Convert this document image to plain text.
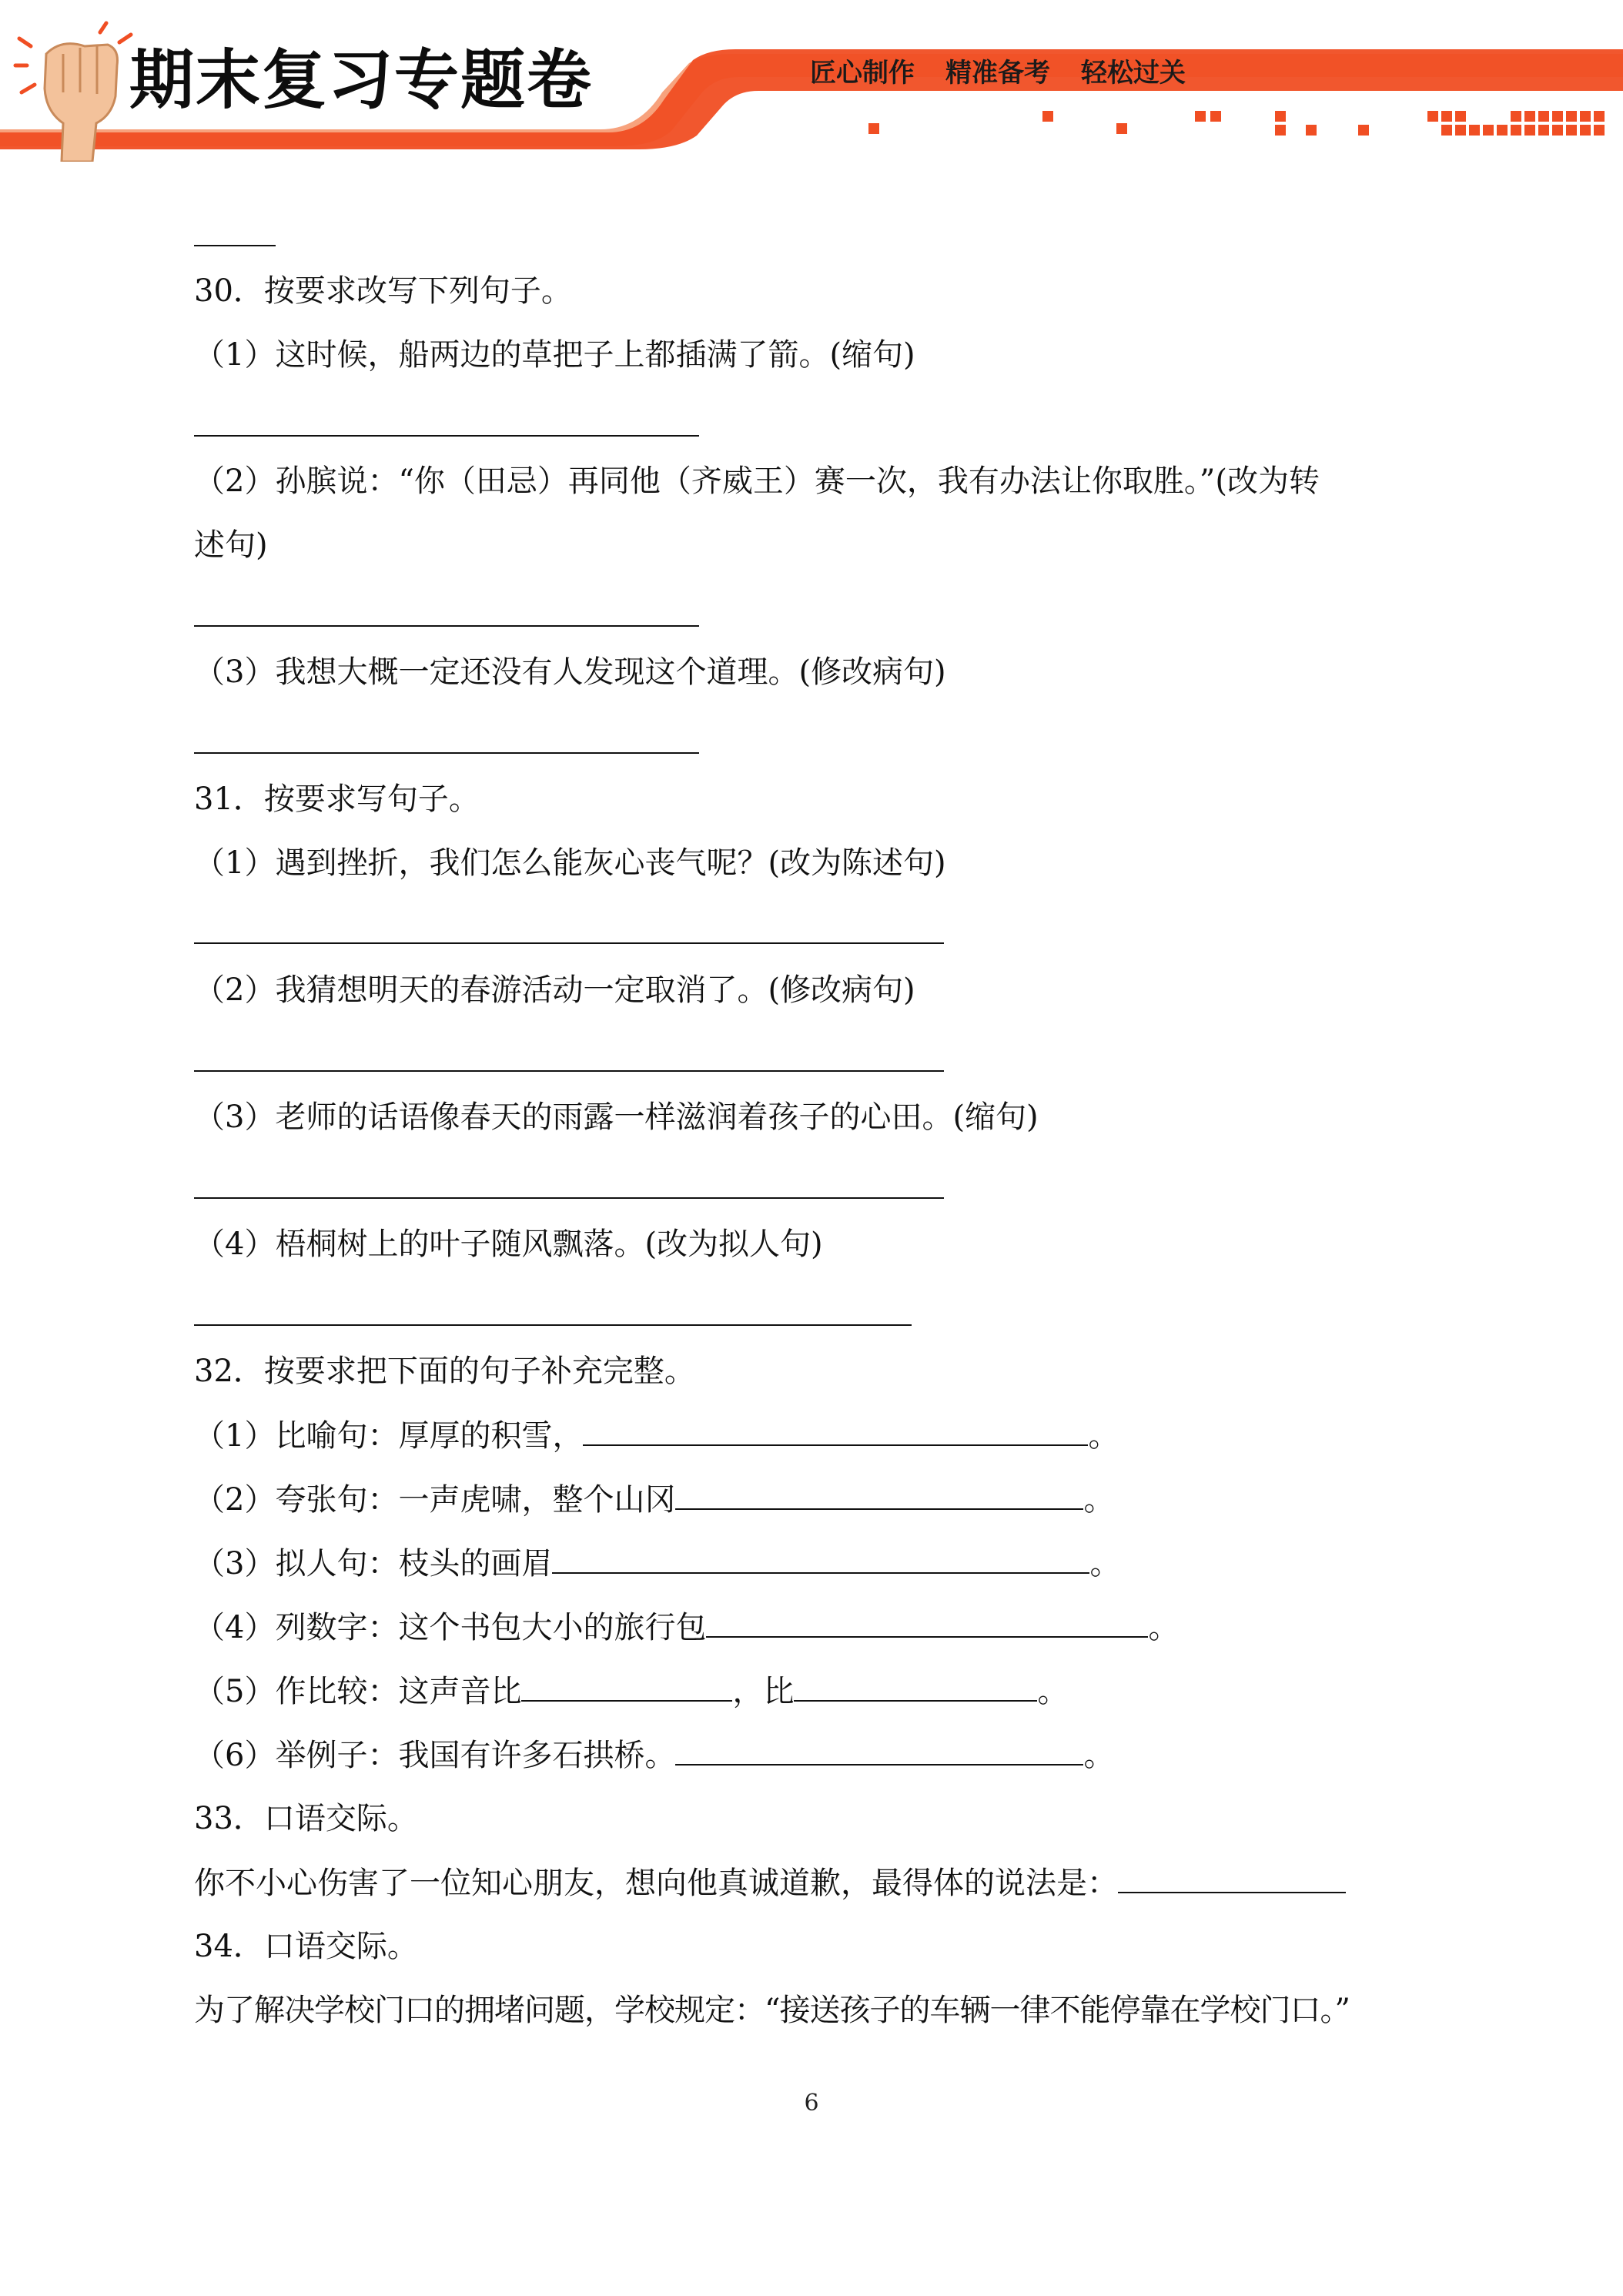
期末复习专题卷	匠心制作 精准备考 轻松过关
30．按要求改写下列句子。
（1）这时候，船两边的草把子上都插满了箭。(缩句)
（2）孙膑说：“你（田忌）再同他（齐威王）赛一次，我有办法让你取胜。”(改为转
述句)
（3）我想大概一定还没有人发现这个道理。(修改病句)
31．按要求写句子。
（1）遇到挫折，我们怎么能灰心丧气呢？(改为陈述句)
（2）我猜想明天的春游活动一定取消了。(修改病句)
（3）老师的话语像春天的雨露一样滋润着孩子的心田。(缩句)
（4）梧桐树上的叶子随风飘落。(改为拟人句)
32．按要求把下面的句子补充完整。
（1）比喻句：厚厚的积雪，	。
（2）夸张句：一声虎啸，整个山冈	。
（3）拟人句：枝头的画眉	。
（4）列数字：这个书包大小的旅行包	。
（5）作比较：这声音比	，比	。
（6）举例子：我国有许多石拱桥。	。
33．口语交际。
你不小心伤害了一位知心朋友，想向他真诚道歉，最得体的说法是：
34．口语交际。
为了解决学校门口的拥堵问题，学校规定：“接送孩子的车辆一律不能停靠在学校门口。”
6
